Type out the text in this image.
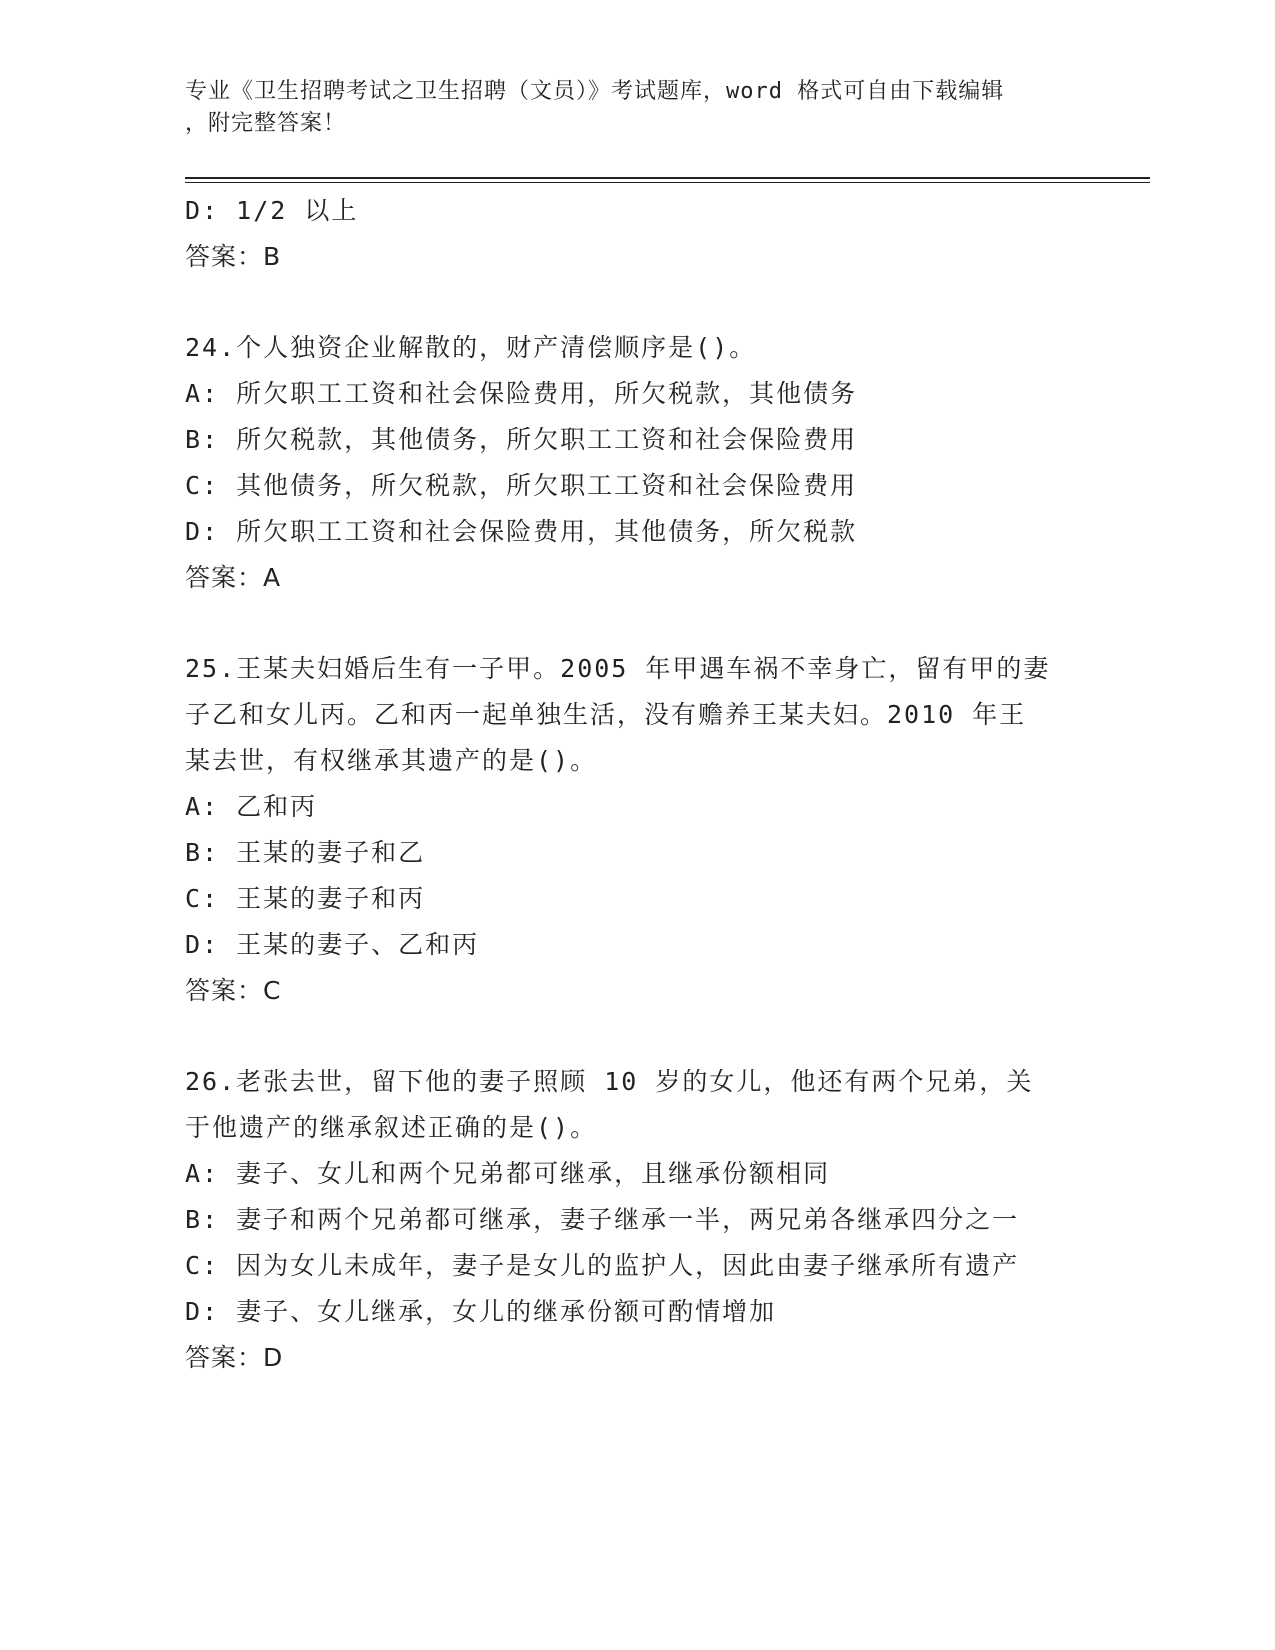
专业《卫生招聘考试之卫生招聘（文员）》考试题库，word 格式可自由下载编辑
，附完整答案！
D: 1/2 以上
答案：B
24.个人独资企业解散的，财产清偿顺序是()。
A: 所欠职工工资和社会保险费用，所欠税款，其他债务
B: 所欠税款，其他债务，所欠职工工资和社会保险费用
C: 其他债务，所欠税款，所欠职工工资和社会保险费用
D: 所欠职工工资和社会保险费用，其他债务，所欠税款
答案：A
25.王某夫妇婚后生有一子甲。2005 年甲遇车祸不幸身亡，留有甲的妻
子乙和女儿丙。乙和丙一起单独生活，没有赡养王某夫妇。2010 年王
某去世，有权继承其遗产的是()。
A: 乙和丙
B: 王某的妻子和乙
C: 王某的妻子和丙
D: 王某的妻子、乙和丙
答案：C
26.老张去世，留下他的妻子照顾 10 岁的女儿，他还有两个兄弟，关
于他遗产的继承叙述正确的是()。
A: 妻子、女儿和两个兄弟都可继承，且继承份额相同
B: 妻子和两个兄弟都可继承，妻子继承一半，两兄弟各继承四分之一
C: 因为女儿未成年，妻子是女儿的监护人，因此由妻子继承所有遗产
D: 妻子、女儿继承，女儿的继承份额可酌情增加
答案：D
